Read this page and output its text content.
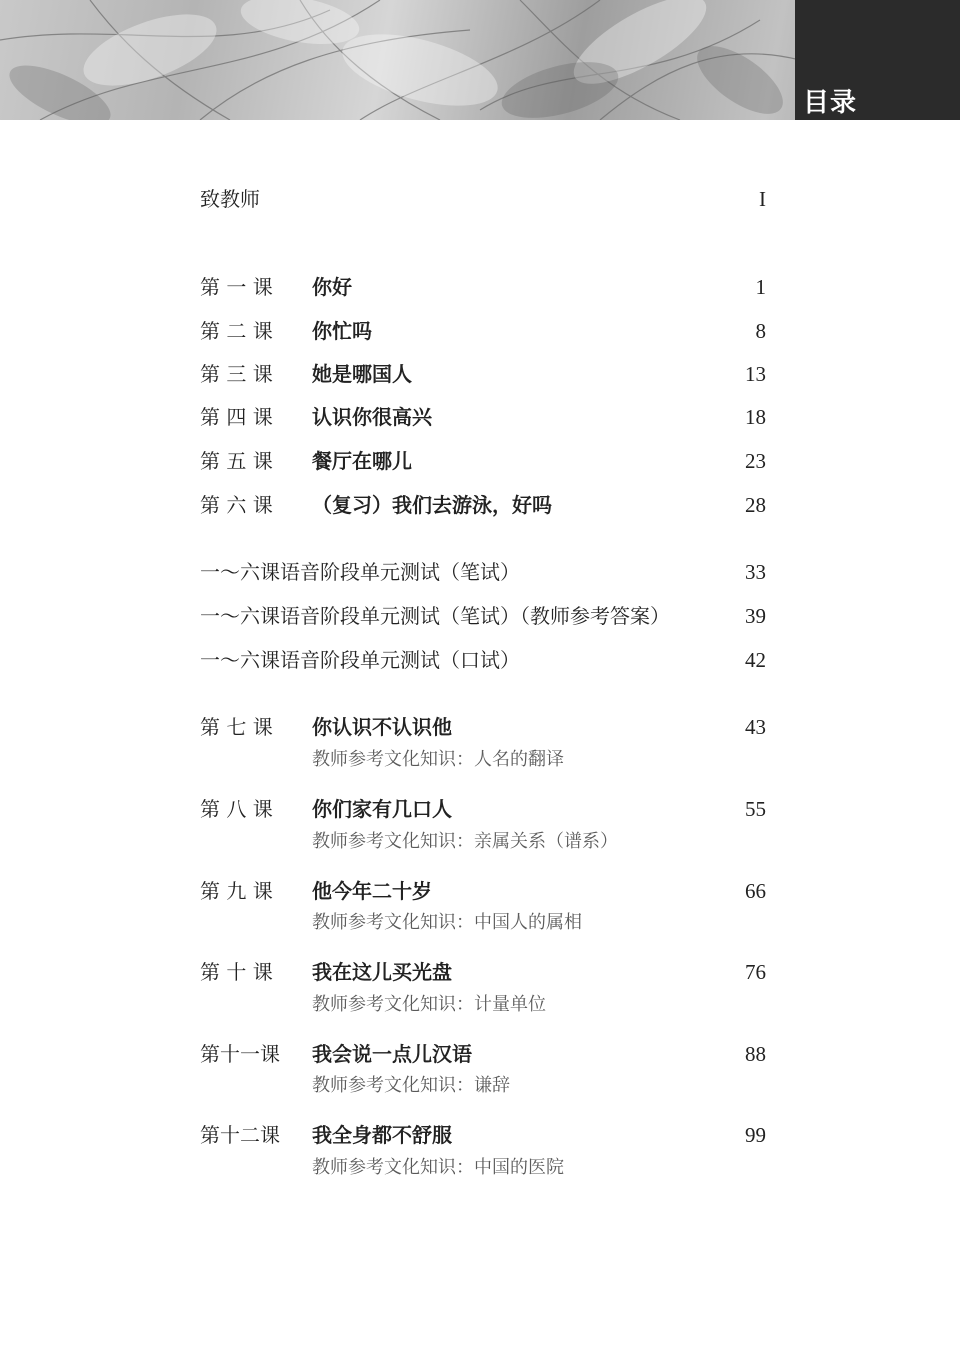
目录
致教师	I
第 一 课 你好	1
第 二 课 你忙吗	8
第 三 课 她是哪国人	13
第 四 课 认识你很高兴	18
第 五 课 餐厅在哪儿	23
第 六 课 （复习）我们去游泳，好吗	28
一～六课语音阶段单元测试（笔试）	33
一～六课语音阶段单元测试（笔试）（教师参考答案）	39
一～六课语音阶段单元测试（口试）	42
第 七 课 你认识不认识他	43
教师参考文化知识：人名的翻译
第 八 课 你们家有几口人	55
教师参考文化知识：亲属关系（谱系）
第 九 课 他今年二十岁	66
教师参考文化知识：中国人的属相
第 十 课 我在这儿买光盘	76
教师参考文化知识：计量单位
第十一课 我会说一点儿汉语	88
教师参考文化知识：谦辞
第十二课 我全身都不舒服	99
教师参考文化知识：中国的医院
